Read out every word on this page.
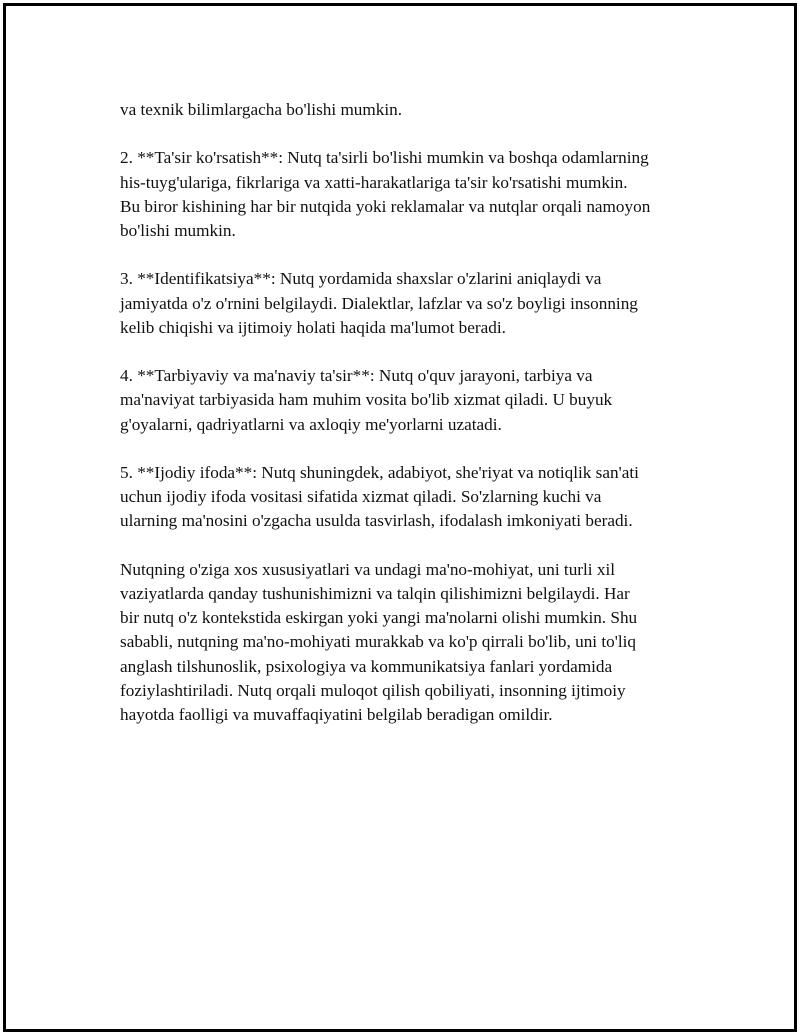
va texnik bilimlargacha bo'lishi mumkin.

2. **Ta'sir ko'rsatish**: Nutq ta'sirli bo'lishi mumkin va boshqa odamlarning
his-tuyg'ulariga, fikrlariga va xatti-harakatlariga ta'sir ko'rsatishi mumkin.
Bu biror kishining har bir nutqida yoki reklamalar va nutqlar orqali namoyon
bo'lishi mumkin.

3. **Identifikatsiya**: Nutq yordamida shaxslar o'zlarini aniqlaydi va
jamiyatda o'z o'rnini belgilaydi. Dialektlar, lafzlar va so'z boyligi insonning
kelib chiqishi va ijtimoiy holati haqida ma'lumot beradi.

4. **Tarbiyaviy va ma'naviy ta'sir**: Nutq o'quv jarayoni, tarbiya va
ma'naviyat tarbiyasida ham muhim vosita bo'lib xizmat qiladi. U buyuk
g'oyalarni, qadriyatlarni va axloqiy me'yorlarni uzatadi.

5. **Ijodiy ifoda**: Nutq shuningdek, adabiyot, she'riyat va notiqlik san'ati
uchun ijodiy ifoda vositasi sifatida xizmat qiladi. So'zlarning kuchi va
ularning ma'nosini o'zgacha usulda tasvirlash, ifodalash imkoniyati beradi.

Nutqning o'ziga xos xususiyatlari va undagi ma'no-mohiyat, uni turli xil
vaziyatlarda qanday tushunishimizni va talqin qilishimizni belgilaydi. Har
bir nutq o'z kontekstida eskirgan yoki yangi ma'nolarni olishi mumkin. Shu
sababli, nutqning ma'no-mohiyati murakkab va ko'p qirrali bo'lib, uni to'liq
anglash tilshunoslik, psixologiya va kommunikatsiya fanlari yordamida
foziylashtiriladi. Nutq orqali muloqot qilish qobiliyati, insonning ijtimoiy
hayotda faolligi va muvaffaqiyatini belgilab beradigan omildir.
